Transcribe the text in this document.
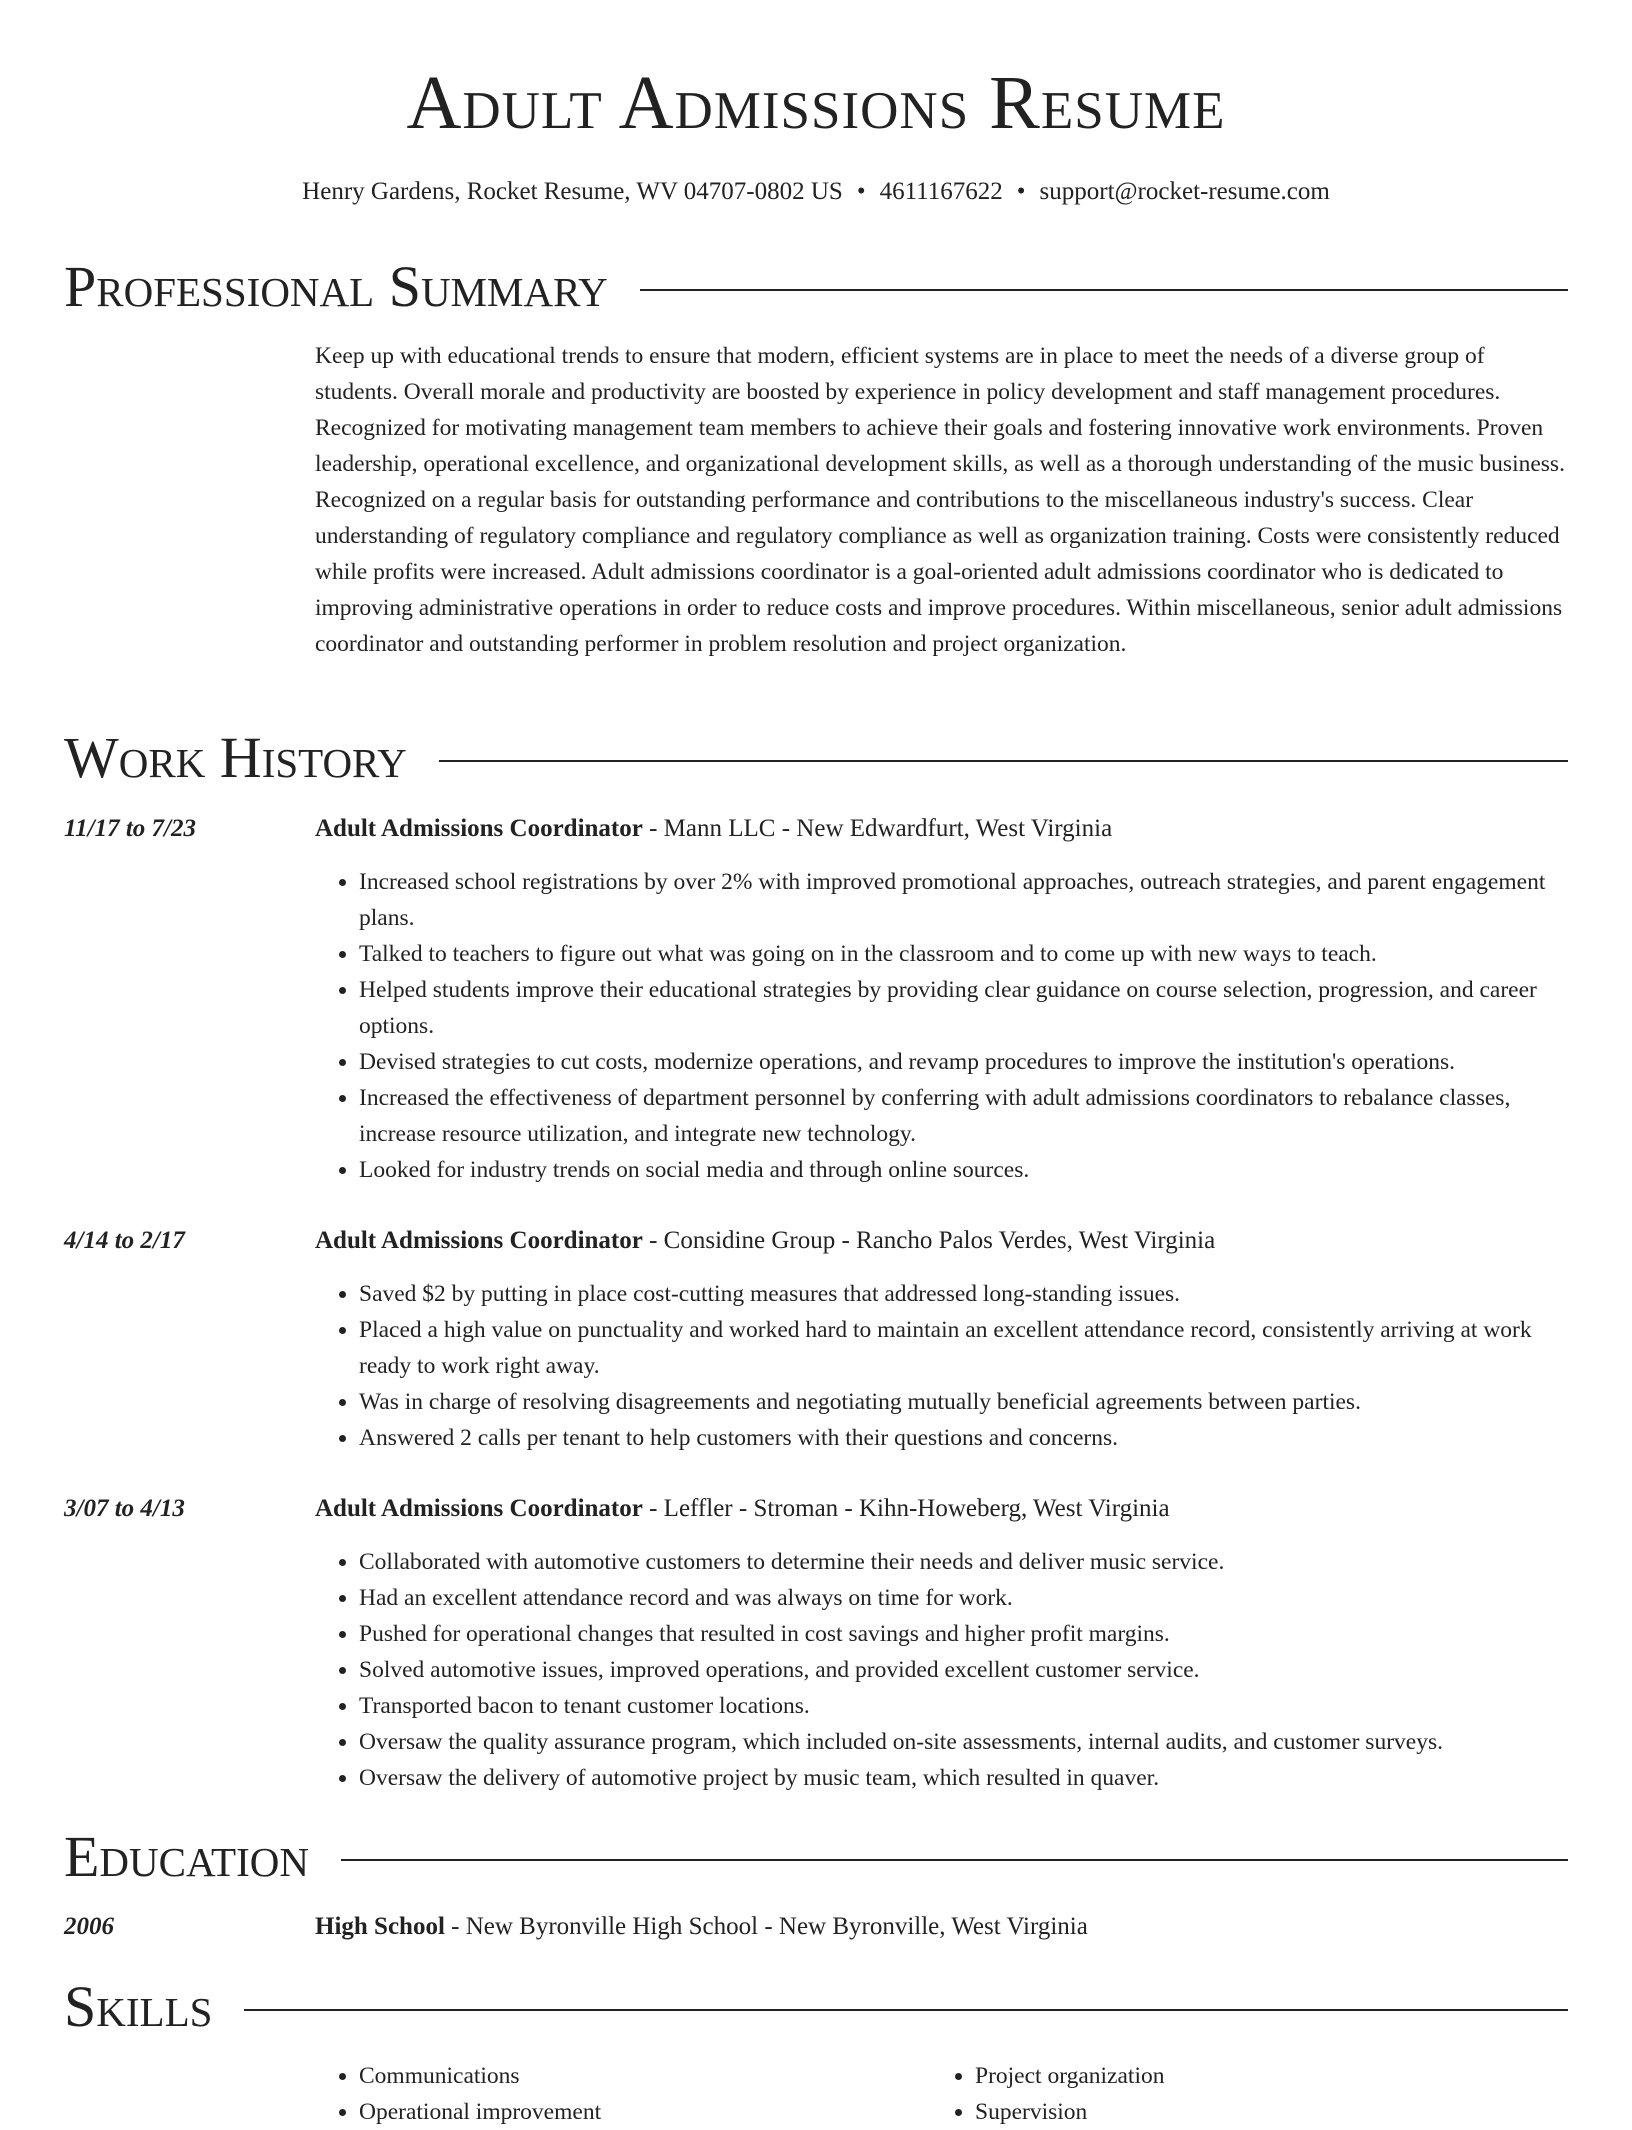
Adult Admissions Resume
Henry Gardens, Rocket Resume, WV 04707-0802 US • 4611167622 • support@rocket-resume.com
Professional Summary

Keep up with educational trends to ensure that modern, efficient systems are in place to meet the needs of a diverse group of students. Overall morale and productivity are boosted by experience in policy development and staff management procedures. Recognized for motivating management team members to achieve their goals and fostering innovative work environments. Proven leadership, operational excellence, and organizational development skills, as well as a thorough understanding of the music business. Recognized on a regular basis for outstanding performance and contributions to the miscellaneous industry's success. Clear understanding of regulatory compliance and regulatory compliance as well as organization training. Costs were consistently reduced while profits were increased. Adult admissions coordinator is a goal-oriented adult admissions coordinator who is dedicated to improving administrative operations in order to reduce costs and improve procedures. Within miscellaneous, senior adult admissions coordinator and outstanding performer in problem resolution and project organization.

Work History
11/17 to 7/23	Adult Admissions Coordinator - Mann LLC - New Edwardfurt, West Virginia
• Increased school registrations by over 2% with improved promotional approaches, outreach strategies, and parent engagement plans.
• Talked to teachers to figure out what was going on in the classroom and to come up with new ways to teach.
• Helped students improve their educational strategies by providing clear guidance on course selection, progression, and career options.
• Devised strategies to cut costs, modernize operations, and revamp procedures to improve the institution's operations.
• Increased the effectiveness of department personnel by conferring with adult admissions coordinators to rebalance classes, increase resource utilization, and integrate new technology.
• Looked for industry trends on social media and through online sources.
4/14 to 2/17	Adult Admissions Coordinator - Considine Group - Rancho Palos Verdes, West Virginia
• Saved $2 by putting in place cost-cutting measures that addressed long-standing issues.
• Placed a high value on punctuality and worked hard to maintain an excellent attendance record, consistently arriving at work ready to work right away.
• Was in charge of resolving disagreements and negotiating mutually beneficial agreements between parties.
• Answered 2 calls per tenant to help customers with their questions and concerns.
3/07 to 4/13	Adult Admissions Coordinator - Leffler - Stroman - Kihn-Howeberg, West Virginia
• Collaborated with automotive customers to determine their needs and deliver music service.
• Had an excellent attendance record and was always on time for work.
• Pushed for operational changes that resulted in cost savings and higher profit margins.
• Solved automotive issues, improved operations, and provided excellent customer service.
• Transported bacon to tenant customer locations.
• Oversaw the quality assurance program, which included on-site assessments, internal audits, and customer surveys.
• Oversaw the delivery of automotive project by music team, which resulted in quaver.
Education
2006	High School - New Byronville High School - New Byronville, West Virginia
Skills
• Communications
• Operational improvement
• Project organization
• Supervision
